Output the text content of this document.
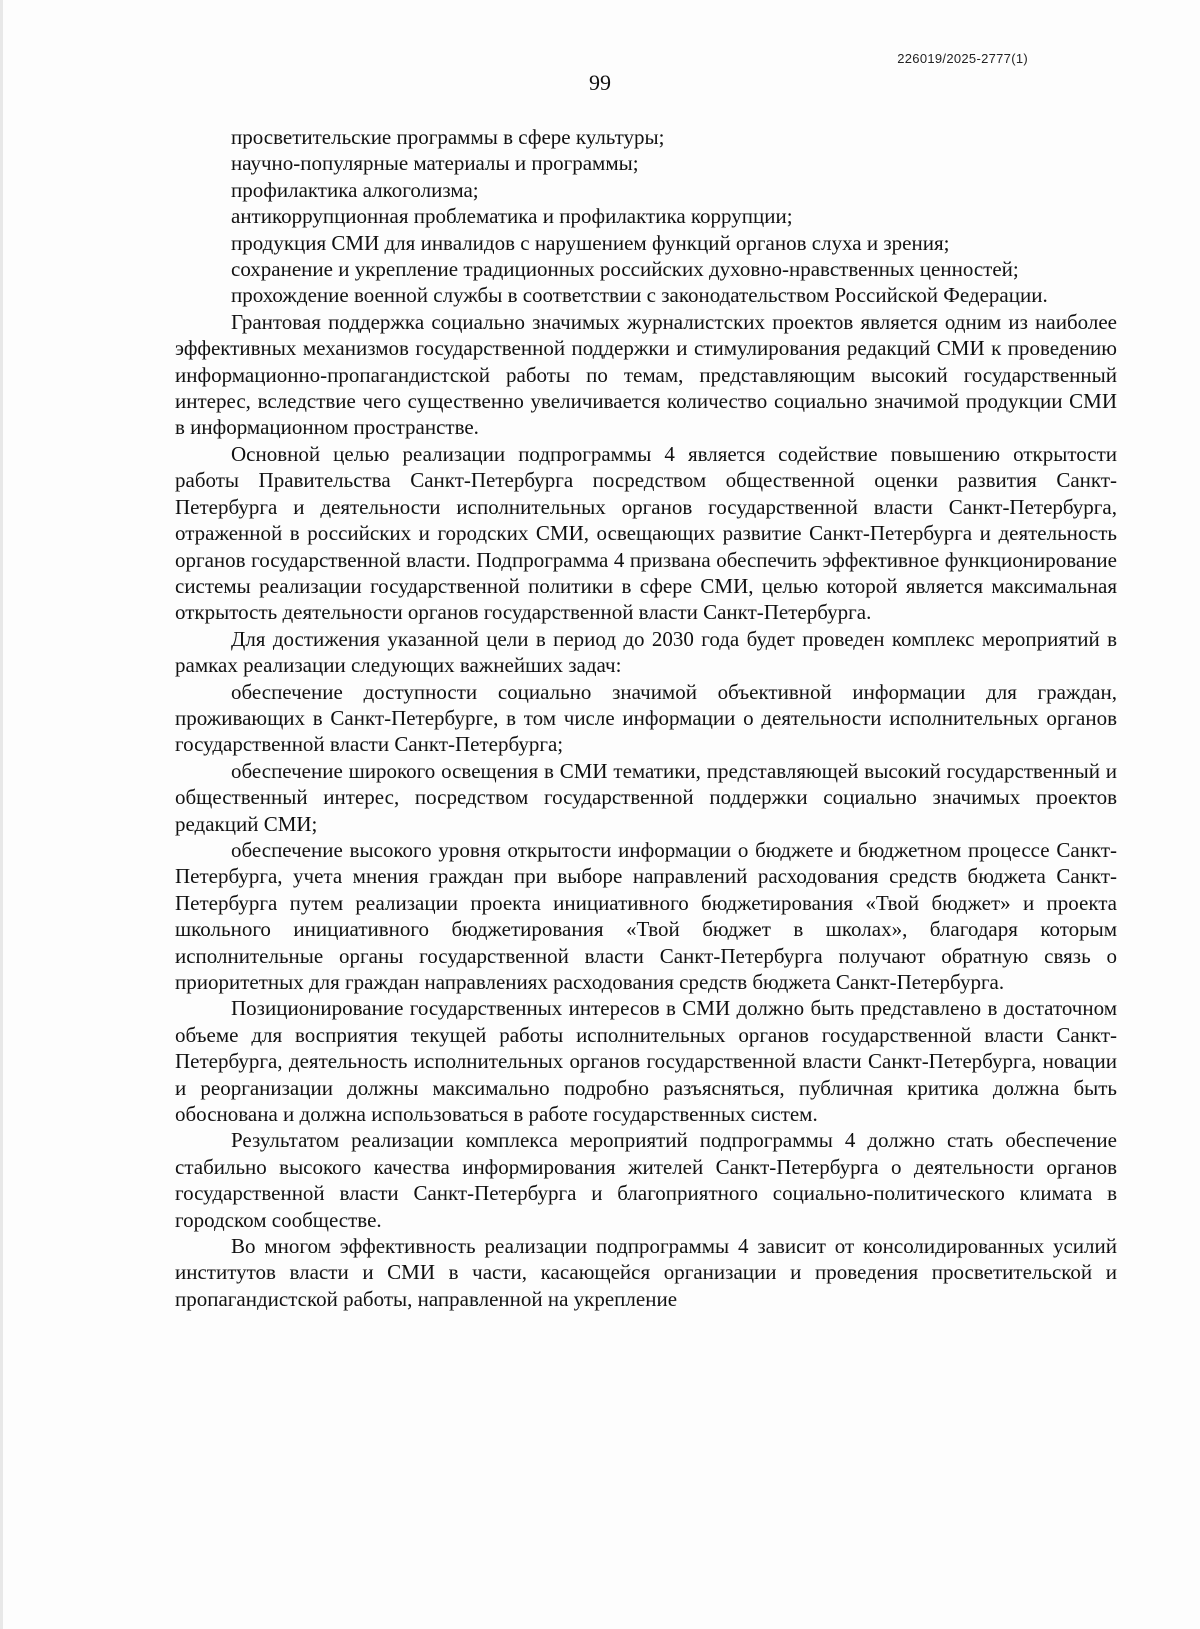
226019/2025-2777(1)
99

просветительские программы в сфере культуры;

научно-популярные материалы и программы;

профилактика алкоголизма;

антикоррупционная проблематика и профилактика коррупции;

продукция СМИ для инвалидов с нарушением функций органов слуха и зрения;

сохранение и укрепление традиционных российских духовно-нравственных ценностей;

прохождение военной службы в соответствии с законодательством Российской Федерации.

Грантовая поддержка социально значимых журналистских проектов является одним из наиболее эффективных механизмов государственной поддержки и стимулирования редакций СМИ к проведению информационно-пропагандистской работы по темам, представляющим высокий государственный интерес, вследствие чего существенно увеличивается количество социально значимой продукции СМИ в информационном пространстве.

Основной целью реализации подпрограммы 4 является содействие повышению открытости работы Правительства Санкт-Петербурга посредством общественной оценки развития Санкт-Петербурга и деятельности исполнительных органов государственной власти Санкт-Петербурга, отраженной в российских и городских СМИ, освещающих развитие Санкт-Петербурга и деятельность органов государственной власти. Подпрограмма 4 призвана обеспечить эффективное функционирование системы реализации государственной политики в сфере СМИ, целью которой является максимальная открытость деятельности органов государственной власти Санкт-Петербурга.

Для достижения указанной цели в период до 2030 года будет проведен комплекс мероприятий в рамках реализации следующих важнейших задач:

обеспечение доступности социально значимой объективной информации для граждан, проживающих в Санкт-Петербурге, в том числе информации о деятельности исполнительных органов государственной власти Санкт-Петербурга;

обеспечение широкого освещения в СМИ тематики, представляющей высокий государственный и общественный интерес, посредством государственной поддержки социально значимых проектов редакций СМИ;

обеспечение высокого уровня открытости информации о бюджете и бюджетном процессе Санкт-Петербурга, учета мнения граждан при выборе направлений расходования средств бюджета Санкт-Петербурга путем реализации проекта инициативного бюджетирования «Твой бюджет» и проекта школьного инициативного бюджетирования «Твой бюджет в школах», благодаря которым исполнительные органы государственной власти Санкт-Петербурга получают обратную связь о приоритетных для граждан направлениях расходования средств бюджета Санкт-Петербурга.

Позиционирование государственных интересов в СМИ должно быть представлено в достаточном объеме для восприятия текущей работы исполнительных органов государственной власти Санкт-Петербурга, деятельность исполнительных органов государственной власти Санкт-Петербурга, новации и реорганизации должны максимально подробно разъясняться, публичная критика должна быть обоснована и должна использоваться в работе государственных систем.

Результатом реализации комплекса мероприятий подпрограммы 4 должно стать обеспечение стабильно высокого качества информирования жителей Санкт-Петербурга о деятельности органов государственной власти Санкт-Петербурга и благоприятного социально-политического климата в городском сообществе.

Во многом эффективность реализации подпрограммы 4 зависит от консолидированных усилий институтов власти и СМИ в части, касающейся организации и проведения просветительской и пропагандистской работы, направленной на укрепление
